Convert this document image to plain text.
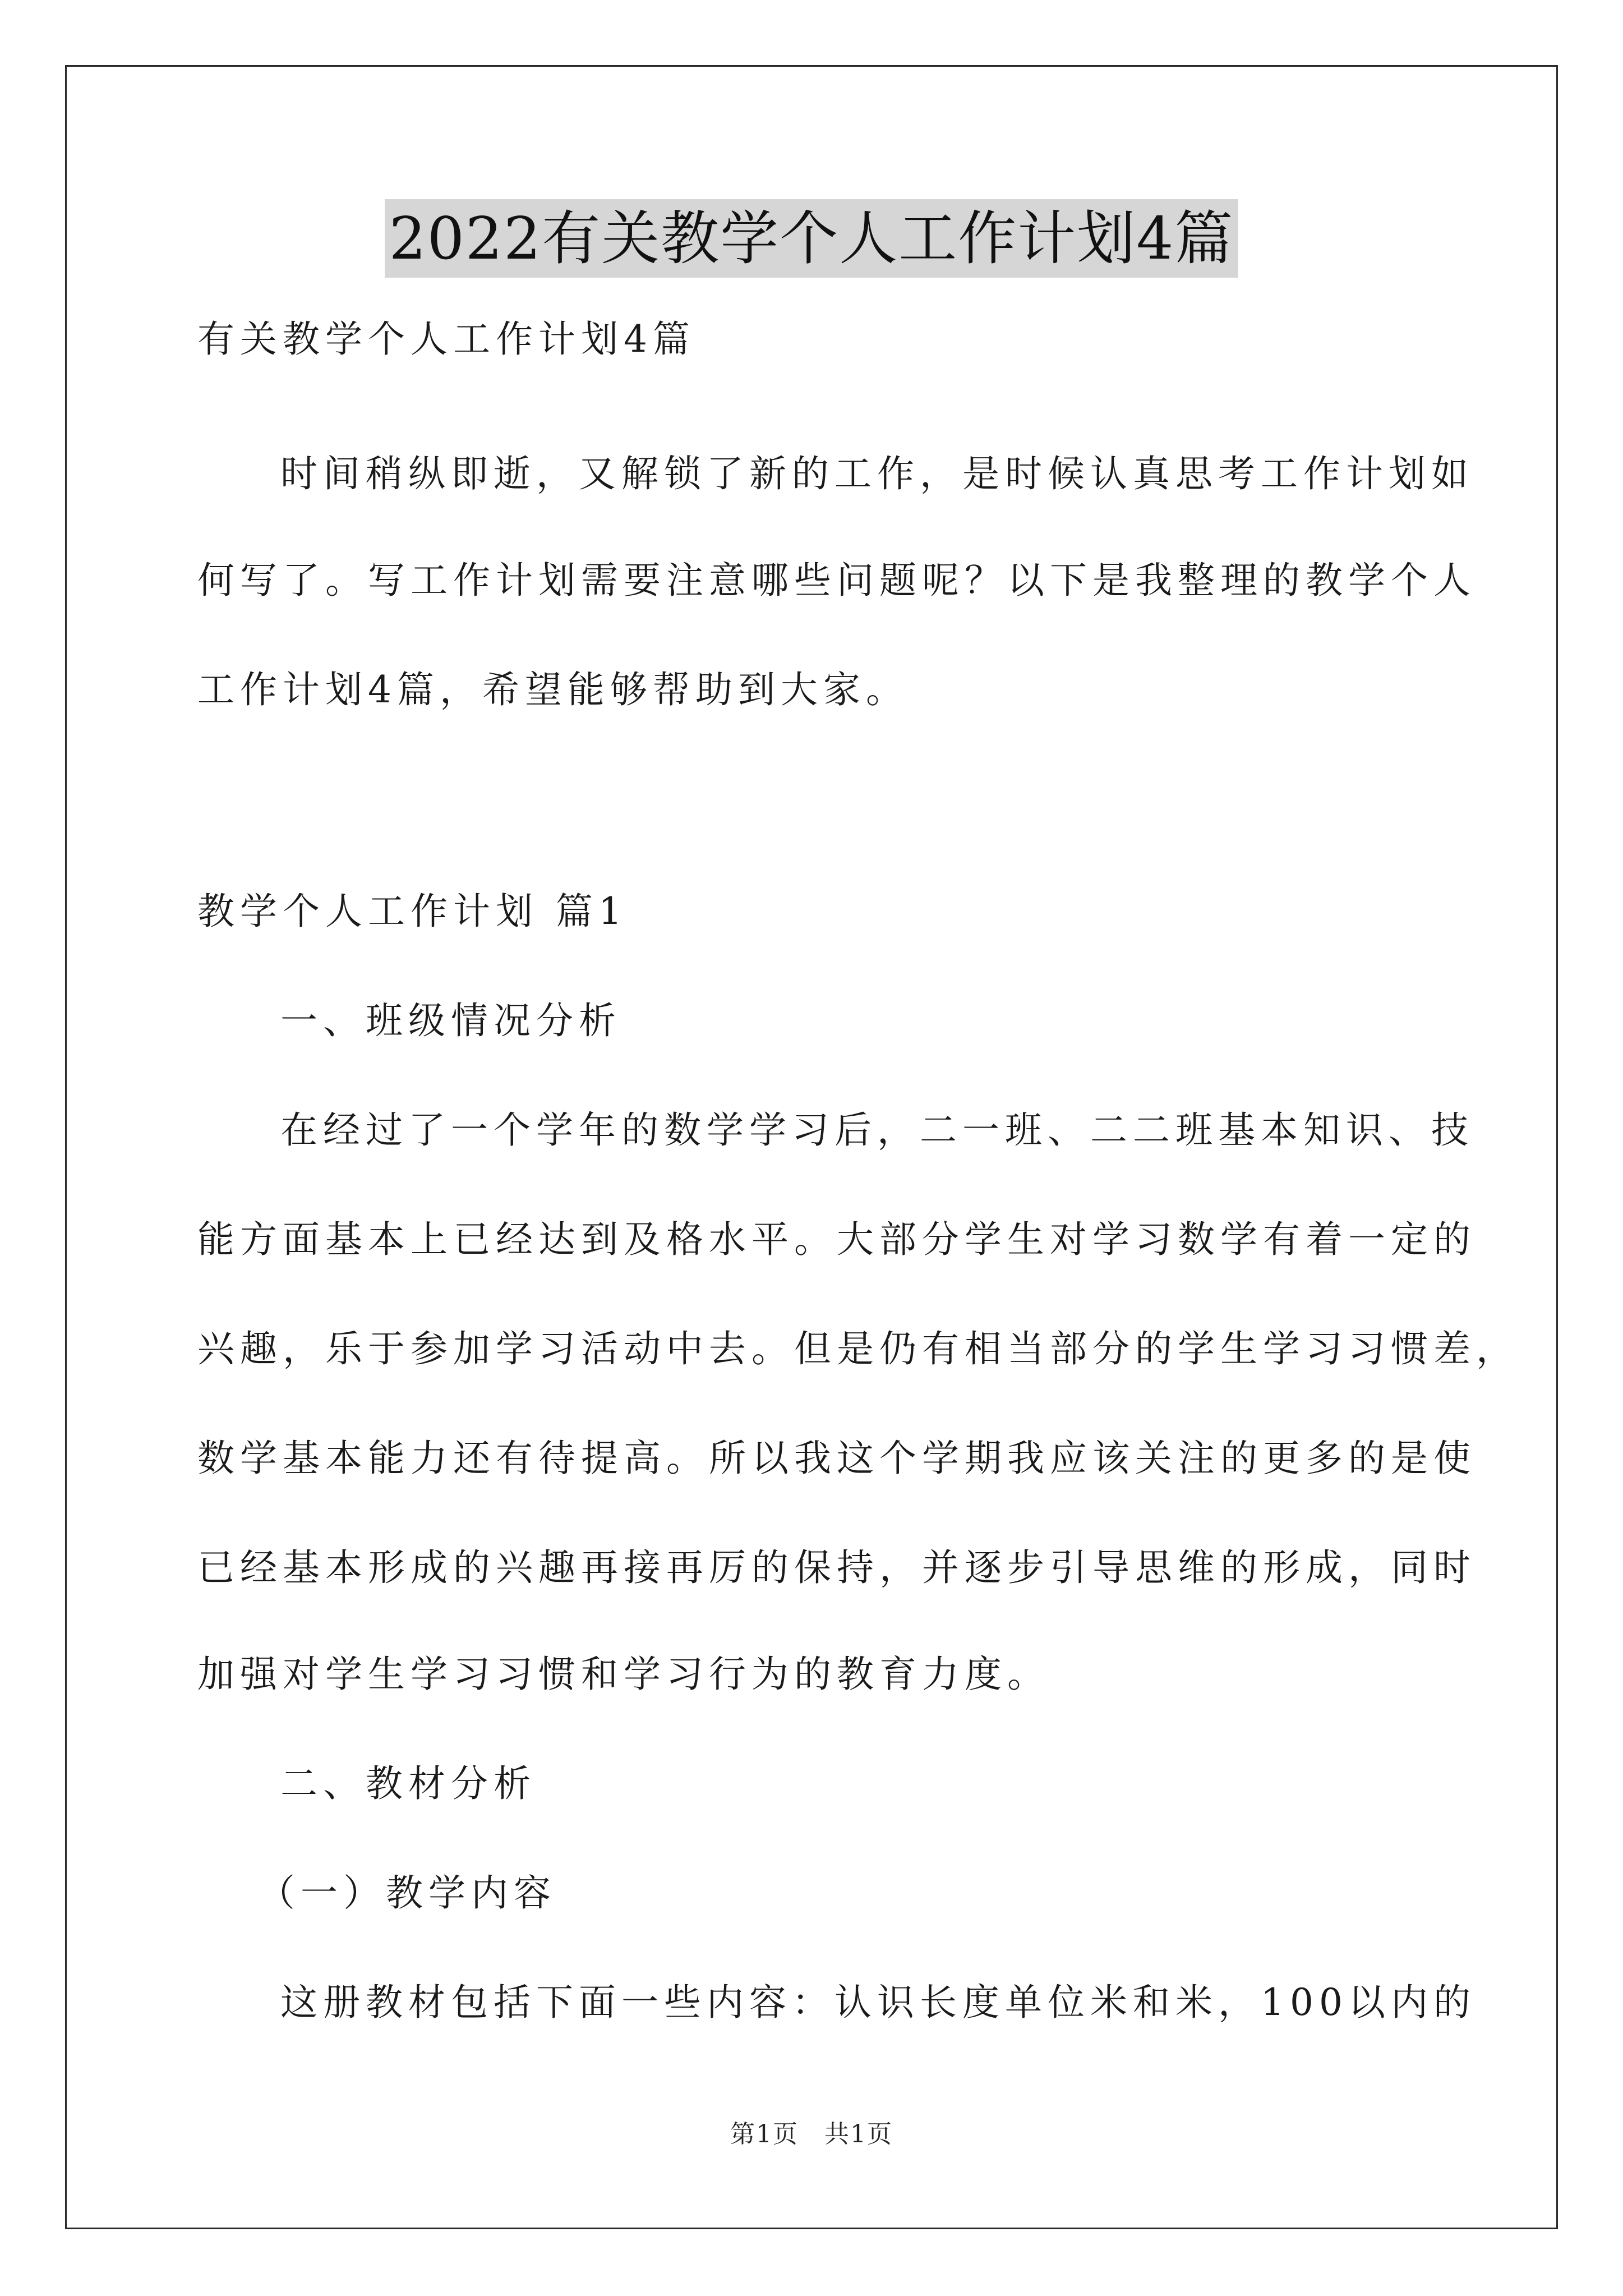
2022有关教学个人工作计划4篇
有关教学个人工作计划4篇
时间稍纵即逝，又解锁了新的工作，是时候认真思考工作计划如
何写了。写工作计划需要注意哪些问题呢？以下是我整理的教学个人
工作计划4篇，希望能够帮助到大家。
教学个人工作计划 篇1
一、班级情况分析
在经过了一个学年的数学学习后，二一班、二二班基本知识、技
能方面基本上已经达到及格水平。大部分学生对学习数学有着一定的
兴趣，乐于参加学习活动中去。但是仍有相当部分的学生学习习惯差，
数学基本能力还有待提高。所以我这个学期我应该关注的更多的是使
已经基本形成的兴趣再接再厉的保持，并逐步引导思维的形成，同时
加强对学生学习习惯和学习行为的教育力度。
二、教材分析
（一）教学内容
这册教材包括下面一些内容：认识长度单位米和米，100以内的
第1页　共1页
